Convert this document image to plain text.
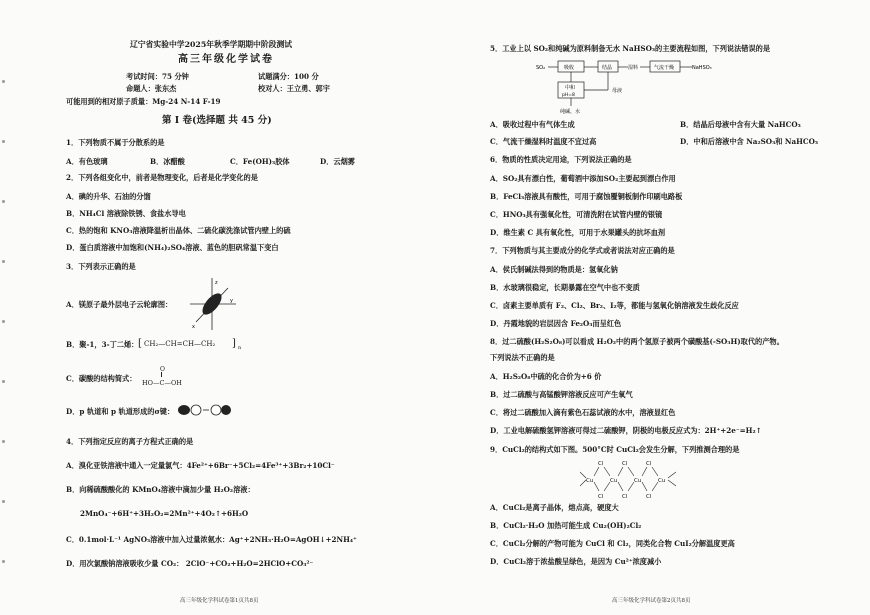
辽宁省实验中学2025年秋季学期期中阶段测试
高三年级化学试卷
考试时间：75 分钟	试题满分：100 分
命题人：张东杰	校对人：王立勇、郭宇
可能用到的相对原子质量：Mg-24 N-14 F-19
第 Ⅰ 卷(选择题 共 45 分)
1．下列物质不属于分散系的是
A．有色玻璃	B．冰醋酸	C．Fe(OH)₃胶体	D．云烟雾
2．下列各组变化中，前者是物理变化，后者是化学变化的是
A．碘的升华、石油的分馏
B．NH₄Cl 溶液除铁锈、食盐水导电
C．热的饱和 KNO₃溶液降温析出晶体、二硫化碳洗涤试管内壁上的硫
D．蛋白质溶液中加饱和(NH₄)₂SO₄溶液、蓝色的胆矾常温下变白
3．下列表示正确的是
A．镁原子最外层电子云轮廓图：
z
y
x
B．聚-1，3-丁二烯： [ CH₂—CH=CH—CH₂ ] n
C．碳酸的结构简式：
O
HO—C—OH
D．p 轨道和 p 轨道形成的σ键：
4．下列指定反应的离子方程式正确的是
A．溴化亚铁溶液中通入一定量氯气：4Fe²⁺+6Br⁻+5Cl₂=4Fe³⁺+3Br₂+10Cl⁻
B．向稀硫酸酸化的 KMnO₄溶液中滴加少量 H₂O₂溶液：
2MnO₄⁻+6H⁺+3H₂O₂=2Mn²⁺+4O₂↑+6H₂O
C．0.1mol·L⁻¹ AgNO₃溶液中加入过量浓氨水：Ag⁺+2NH₃·H₂O=AgOH↓+2NH₄⁺
D．用次氯酸钠溶液吸收少量 CO₂： 2ClO⁻+CO₂+H₂O=2HClO+CO₃²⁻
高三年级化学科试卷第1页共8页
5．工业上以 SO₂和纯碱为原料制备无水 NaHSO₃的主要流程如图，下列说法错误的是
SO₂	吸收	结晶	湿料	气流干燥	NaHSO₃
中和
pH=8
母液
纯碱、水
A．吸收过程中有气体生成	B．结晶后母液中含有大量 NaHCO₃
C．气流干燥湿料时温度不宜过高	D．中和后溶液中含 Na₂SO₃和 NaHCO₃
6．物质的性质决定用途，下列说法正确的是
A．SO₂具有漂白性，葡萄酒中添加SO₂主要起到漂白作用
B．FeCl₃溶液具有酸性，可用于腐蚀覆铜板制作印刷电路板
C．HNO₃具有强氧化性，可清洗附在试管内壁的银镜
D．维生素 C 具有氧化性，可用于水果罐头的抗坏血剂
7．下列物质与其主要成分的化学式或者说法对应正确的是
A．侯氏制碱法得到的物质是：氢氧化钠
B．水玻璃很稳定，长期暴露在空气中也不变质
C．卤素主要单质有 F₂、Cl₂、Br₂、I₂等，都能与氢氧化钠溶液发生歧化反应
D．丹霞地貌的岩层因含 Fe₂O₃而呈红色
8．过二硫酸(H₂S₂O₈)可以看成 H₂O₂中的两个氢原子被两个磺酸基(-SO₃H)取代的产物。
下列说法不正确的是
A．H₂S₂O₈中硫的化合价为+6 价
B．过二硫酸与高锰酸钾溶液反应可产生氧气
C．将过二硫酸加入滴有紫色石蕊试液的水中，溶液显红色
D．工业电解硫酸氢钾溶液可得过二硫酸钾，阴极的电极反应式为：2H⁺+2e⁻=H₂↑
9．CuCl₂的结构式如下图。500°C时 CuCl₂会发生分解，下列推测合理的是
Cl	Cl	Cl
Cu	Cu	Cu	Cu
Cl	Cl	Cl
A．CuCl₂是离子晶体，熔点高，硬度大
B．CuCl₂·H₂O 加热可能生成 Cu₂(OH)₂Cl₂
C．CuCl₂分解的产物可能为 CuCl 和 Cl₂，同类化合物 CuI₂分解温度更高
D．CuCl₂溶于浓盐酸呈绿色，是因为 Cu²⁺浓度减小
高三年级化学科试卷第2页共8页
